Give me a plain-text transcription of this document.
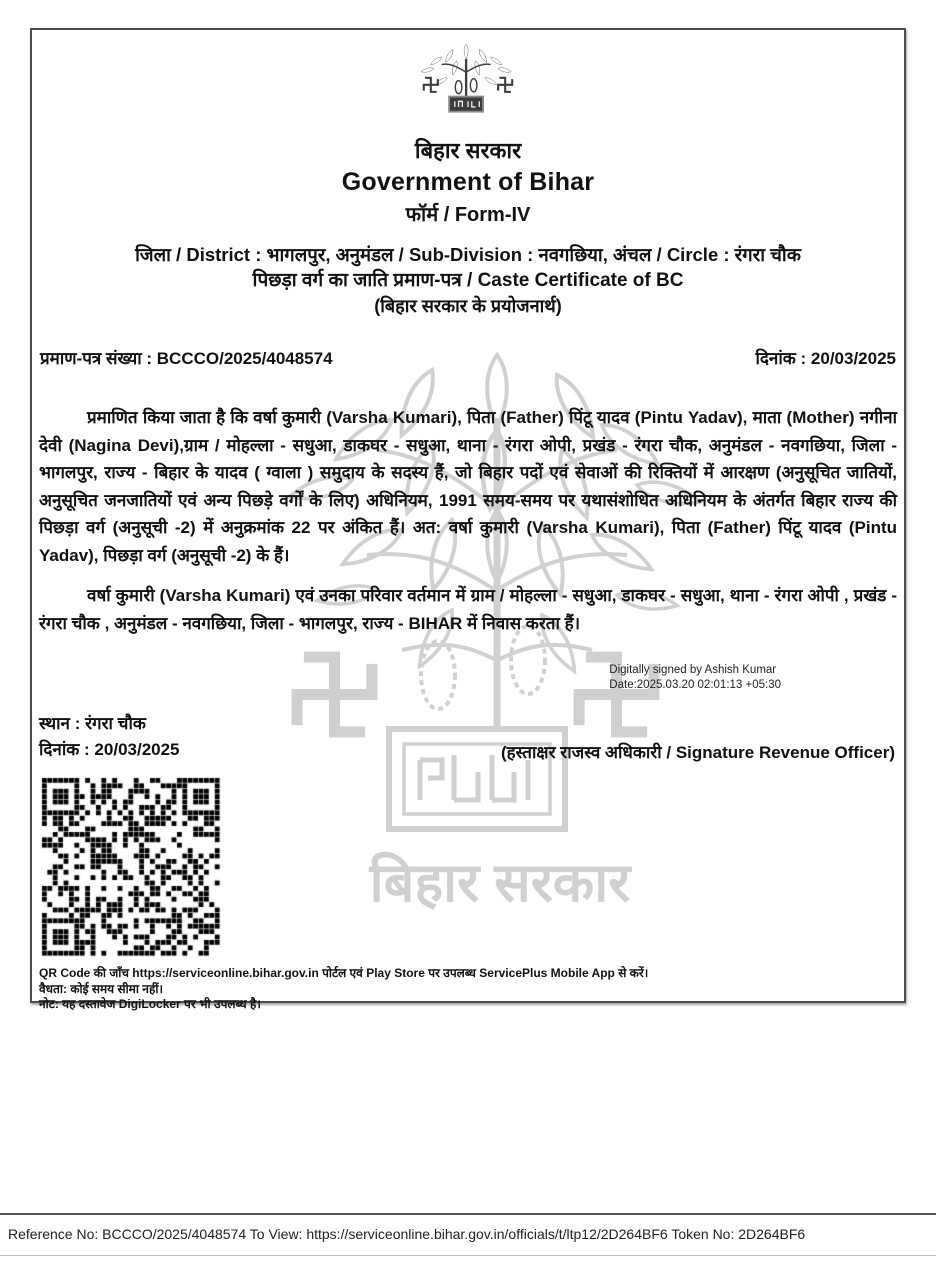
बिहार सरकार
बिहार सरकार
Government of Bihar
फॉर्म / Form-IV
जिला / District : भागलपुर, अनुमंडल / Sub-Division : नवगछिया, अंचल / Circle : रंगरा चौक
पिछड़ा वर्ग का जाति प्रमाण-पत्र / Caste Certificate of BC
(बिहार सरकार के प्रयोजनार्थ)
प्रमाण-पत्र संख्या : BCCCO/2025/4048574	दिनांक : 20/03/2025
प्रमाणित किया जाता है कि वर्षा कुमारी (Varsha Kumari), पिता (Father) पिंटू यादव (Pintu Yadav), माता (Mother) नगीना देवी (Nagina Devi),ग्राम / मोहल्ला - सधुआ, डाकघर - सधुआ, थाना - रंगरा ओपी, प्रखंड - रंगरा चौक, अनुमंडल - नवगछिया, जिला - भागलपुर, राज्य - बिहार के यादव ( ग्वाला ) समुदाय के सदस्य हैं, जो बिहार पदों एवं सेवाओं की रिक्तियों में आरक्षण (अनुसूचित जातियों, अनुसूचित जनजातियों एवं अन्य पिछड़े वर्गों के लिए) अधिनियम, 1991 समय-समय पर यथासंशोधित अधिनियम के अंतर्गत बिहार राज्य की पिछड़ा वर्ग (अनुसूची -2) में अनुक्रमांक 22 पर अंकित हैं। अत: वर्षा कुमारी (Varsha Kumari), पिता (Father) पिंटू यादव (Pintu Yadav), पिछड़ा वर्ग (अनुसूची -2) के हैं।
वर्षा कुमारी (Varsha Kumari) एवं उनका परिवार वर्तमान में ग्राम / मोहल्ला - सधुआ, डाकघर - सधुआ, थाना - रंगरा ओपी , प्रखंड - रंगरा चौक , अनुमंडल - नवगछिया, जिला - भागलपुर, राज्य - BIHAR में निवास करता हैं।
Digitally signed by Ashish Kumar
Date:2025.03.20 02:01:13 +05:30
स्थान : रंगरा चौक
दिनांक : 20/03/2025	(हस्ताक्षर राजस्व अधिकारी / Signature Revenue Officer)
QR Code की जाँच https://serviceonline.bihar.gov.in पोर्टल एवं Play Store पर उपलब्ध ServicePlus Mobile App से करें।
वैधता: कोई समय सीमा नहीं।
नोट: यह दस्तावेज DigiLocker पर भी उपलब्ध है।
Reference No: BCCCO/2025/4048574 To View: https://serviceonline.bihar.gov.in/officials/t/ltp12/2D264BF6 Token No: 2D264BF6
